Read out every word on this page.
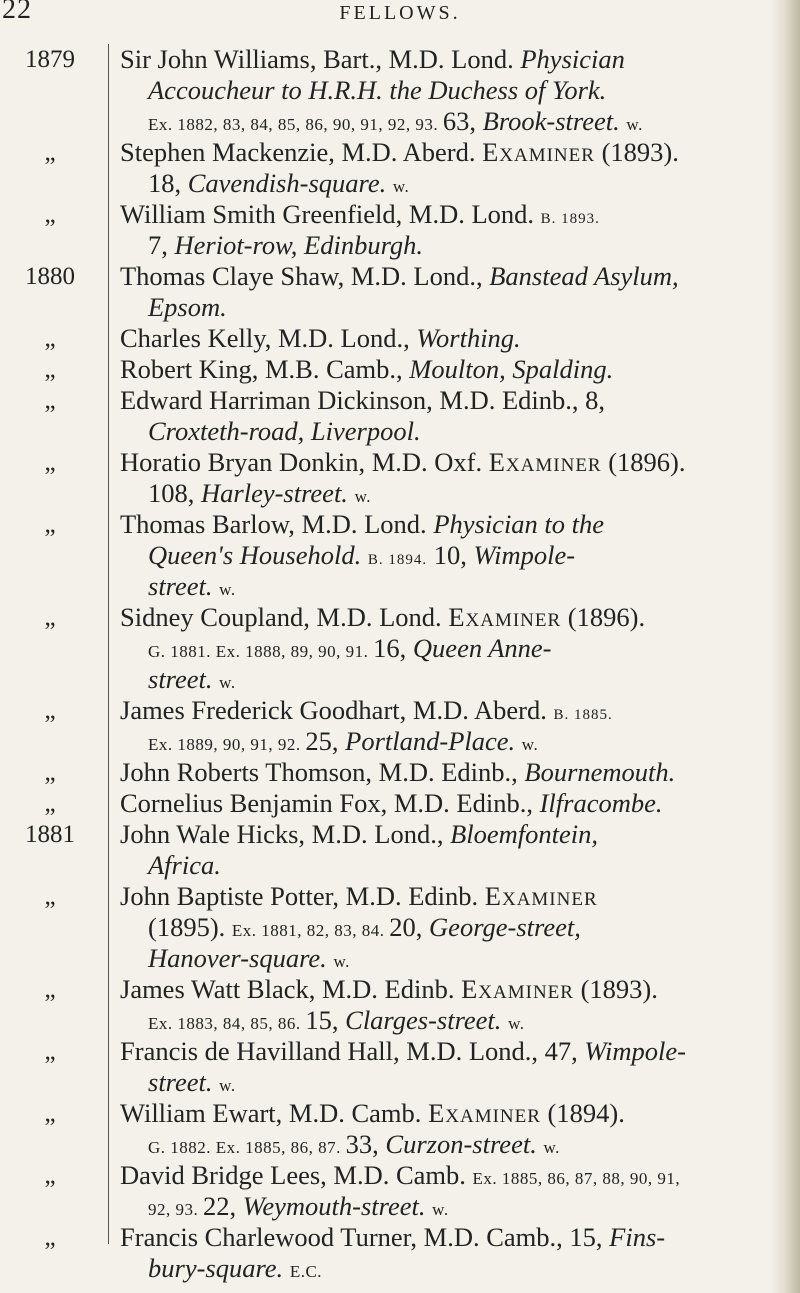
22	FELLOWS.
1879	Sir John Williams, Bart., M.D. Lond. Physician
Accoucheur to H.R.H. the Duchess of York.
Ex. 1882, 83, 84, 85, 86, 90, 91, 92, 93. 63, Brook-street. w.
„	Stephen Mackenzie, M.D. Aberd. Examiner (1893).
18, Cavendish-square. w.
„	William Smith Greenfield, M.D. Lond. B. 1893.
7, Heriot-row, Edinburgh.
1880	Thomas Claye Shaw, M.D. Lond., Banstead Asylum,
Epsom.
„	Charles Kelly, M.D. Lond., Worthing.
„	Robert King, M.B. Camb., Moulton, Spalding.
„	Edward Harriman Dickinson, M.D. Edinb., 8,
Croxteth-road, Liverpool.
„	Horatio Bryan Donkin, M.D. Oxf. Examiner (1896).
108, Harley-street. w.
„	Thomas Barlow, M.D. Lond. Physician to the
Queen's Household. B. 1894. 10, Wimpole-
street. w.
„	Sidney Coupland, M.D. Lond. Examiner (1896).
G. 1881. Ex. 1888, 89, 90, 91. 16, Queen Anne-
street. w.
„	James Frederick Goodhart, M.D. Aberd. B. 1885.
Ex. 1889, 90, 91, 92. 25, Portland-Place. w.
„	John Roberts Thomson, M.D. Edinb., Bournemouth.
„	Cornelius Benjamin Fox, M.D. Edinb., Ilfracombe.
1881	John Wale Hicks, M.D. Lond., Bloemfontein,
Africa.
„	John Baptiste Potter, M.D. Edinb. Examiner
(1895). Ex. 1881, 82, 83, 84. 20, George-street,
Hanover-square. w.
„	James Watt Black, M.D. Edinb. Examiner (1893).
Ex. 1883, 84, 85, 86. 15, Clarges-street. w.
„	Francis de Havilland Hall, M.D. Lond., 47, Wimpole-
street. w.
„	William Ewart, M.D. Camb. Examiner (1894).
G. 1882. Ex. 1885, 86, 87. 33, Curzon-street. w.
„	David Bridge Lees, M.D. Camb. Ex. 1885, 86, 87, 88, 90, 91,
92, 93. 22, Weymouth-street. w.
„	Francis Charlewood Turner, M.D. Camb., 15, Fins-
bury-square. E.C.
